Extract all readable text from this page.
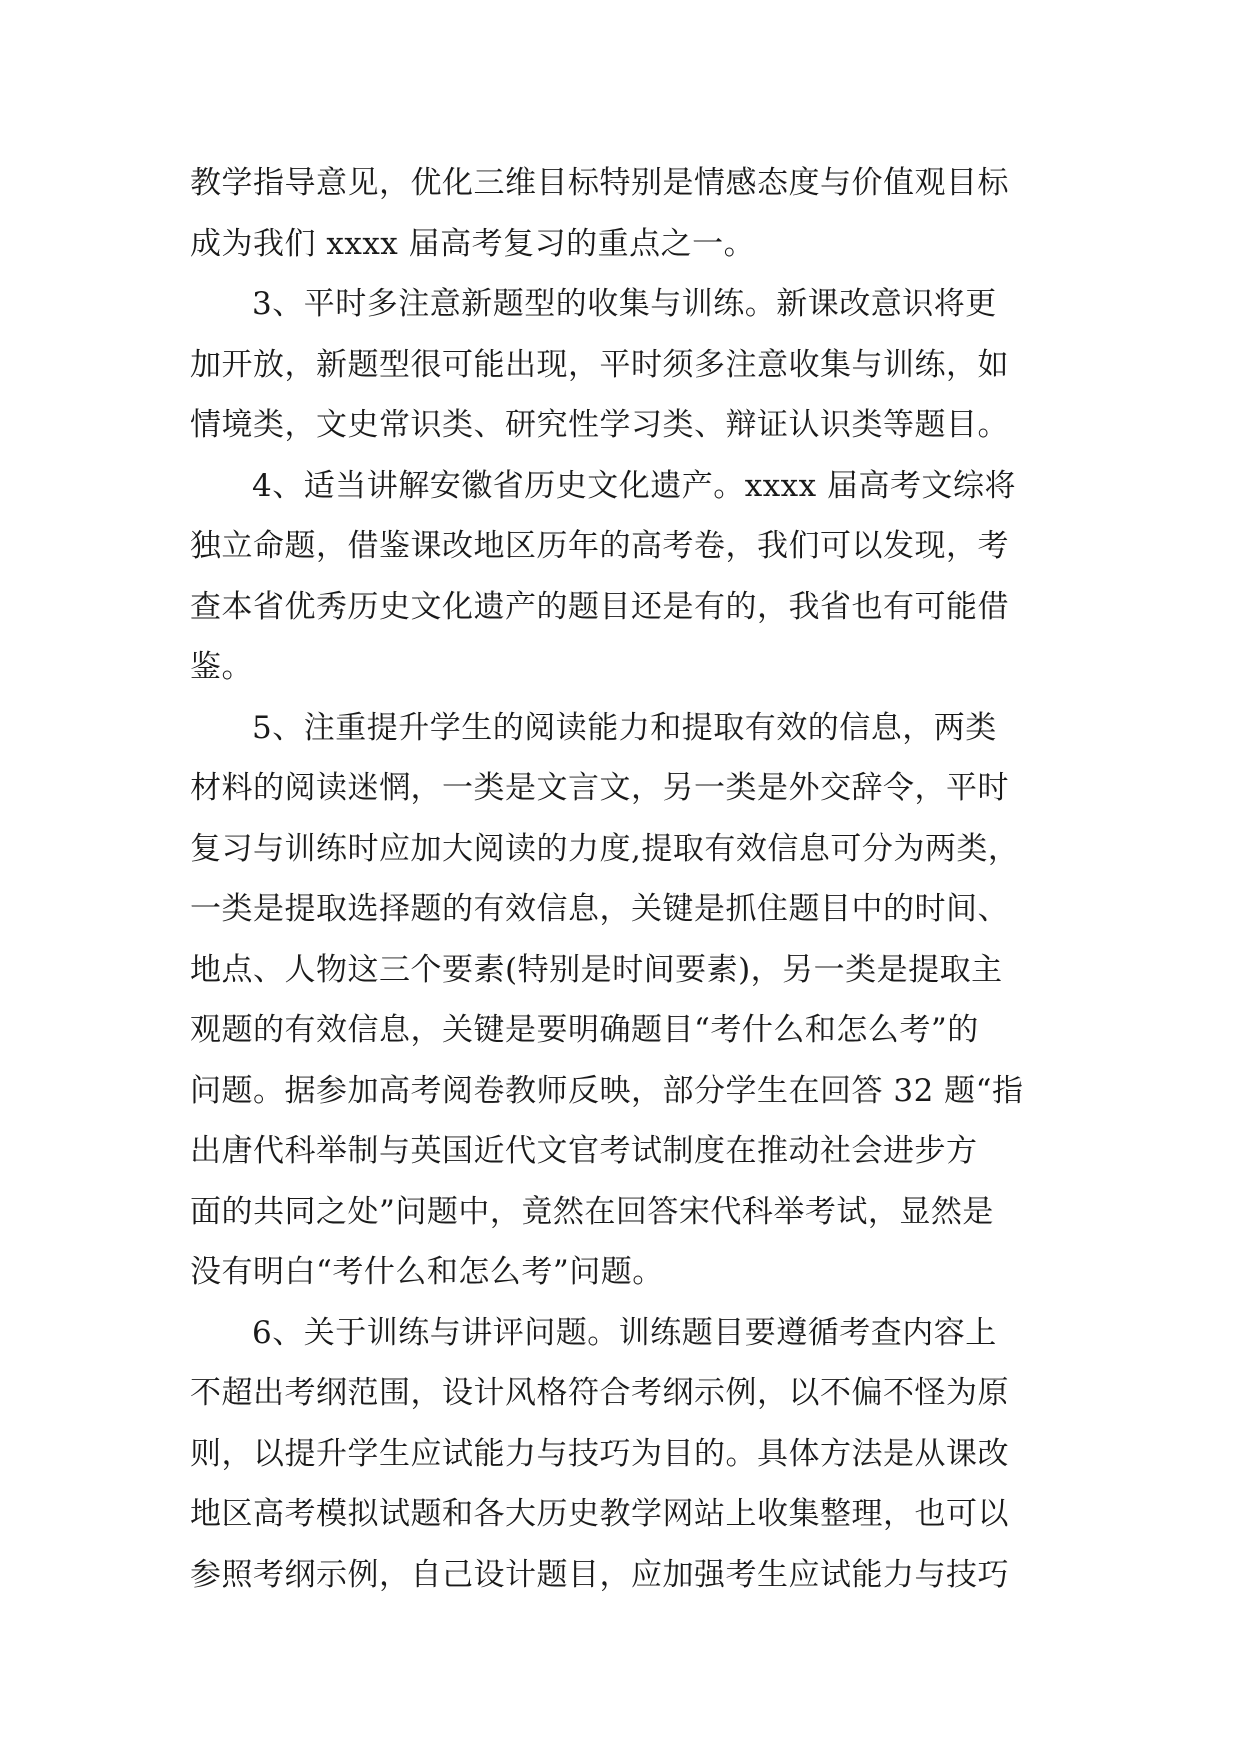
教学指导意见，优化三维目标特别是情感态度与价值观目标
成为我们 xxxx 届高考复习的重点之一。
3、平时多注意新题型的收集与训练。新课改意识将更
加开放，新题型很可能出现，平时须多注意收集与训练，如
情境类，文史常识类、研究性学习类、辩证认识类等题目。
4、适当讲解安徽省历史文化遗产。xxxx 届高考文综将
独立命题，借鉴课改地区历年的高考卷，我们可以发现，考
查本省优秀历史文化遗产的题目还是有的，我省也有可能借
鉴。
5、注重提升学生的阅读能力和提取有效的信息，两类
材料的阅读迷惘，一类是文言文，另一类是外交辞令，平时
复习与训练时应加大阅读的力度,提取有效信息可分为两类，
一类是提取选择题的有效信息，关键是抓住题目中的时间、
地点、人物这三个要素(特别是时间要素)，另一类是提取主
观题的有效信息，关键是要明确题目“考什么和怎么考”的
问题。据参加高考阅卷教师反映，部分学生在回答 32 题“指
出唐代科举制与英国近代文官考试制度在推动社会进步方
面的共同之处”问题中，竟然在回答宋代科举考试，显然是
没有明白“考什么和怎么考”问题。
6、关于训练与讲评问题。训练题目要遵循考查内容上
不超出考纲范围，设计风格符合考纲示例，以不偏不怪为原
则，以提升学生应试能力与技巧为目的。具体方法是从课改
地区高考模拟试题和各大历史教学网站上收集整理，也可以
参照考纲示例，自己设计题目，应加强考生应试能力与技巧
